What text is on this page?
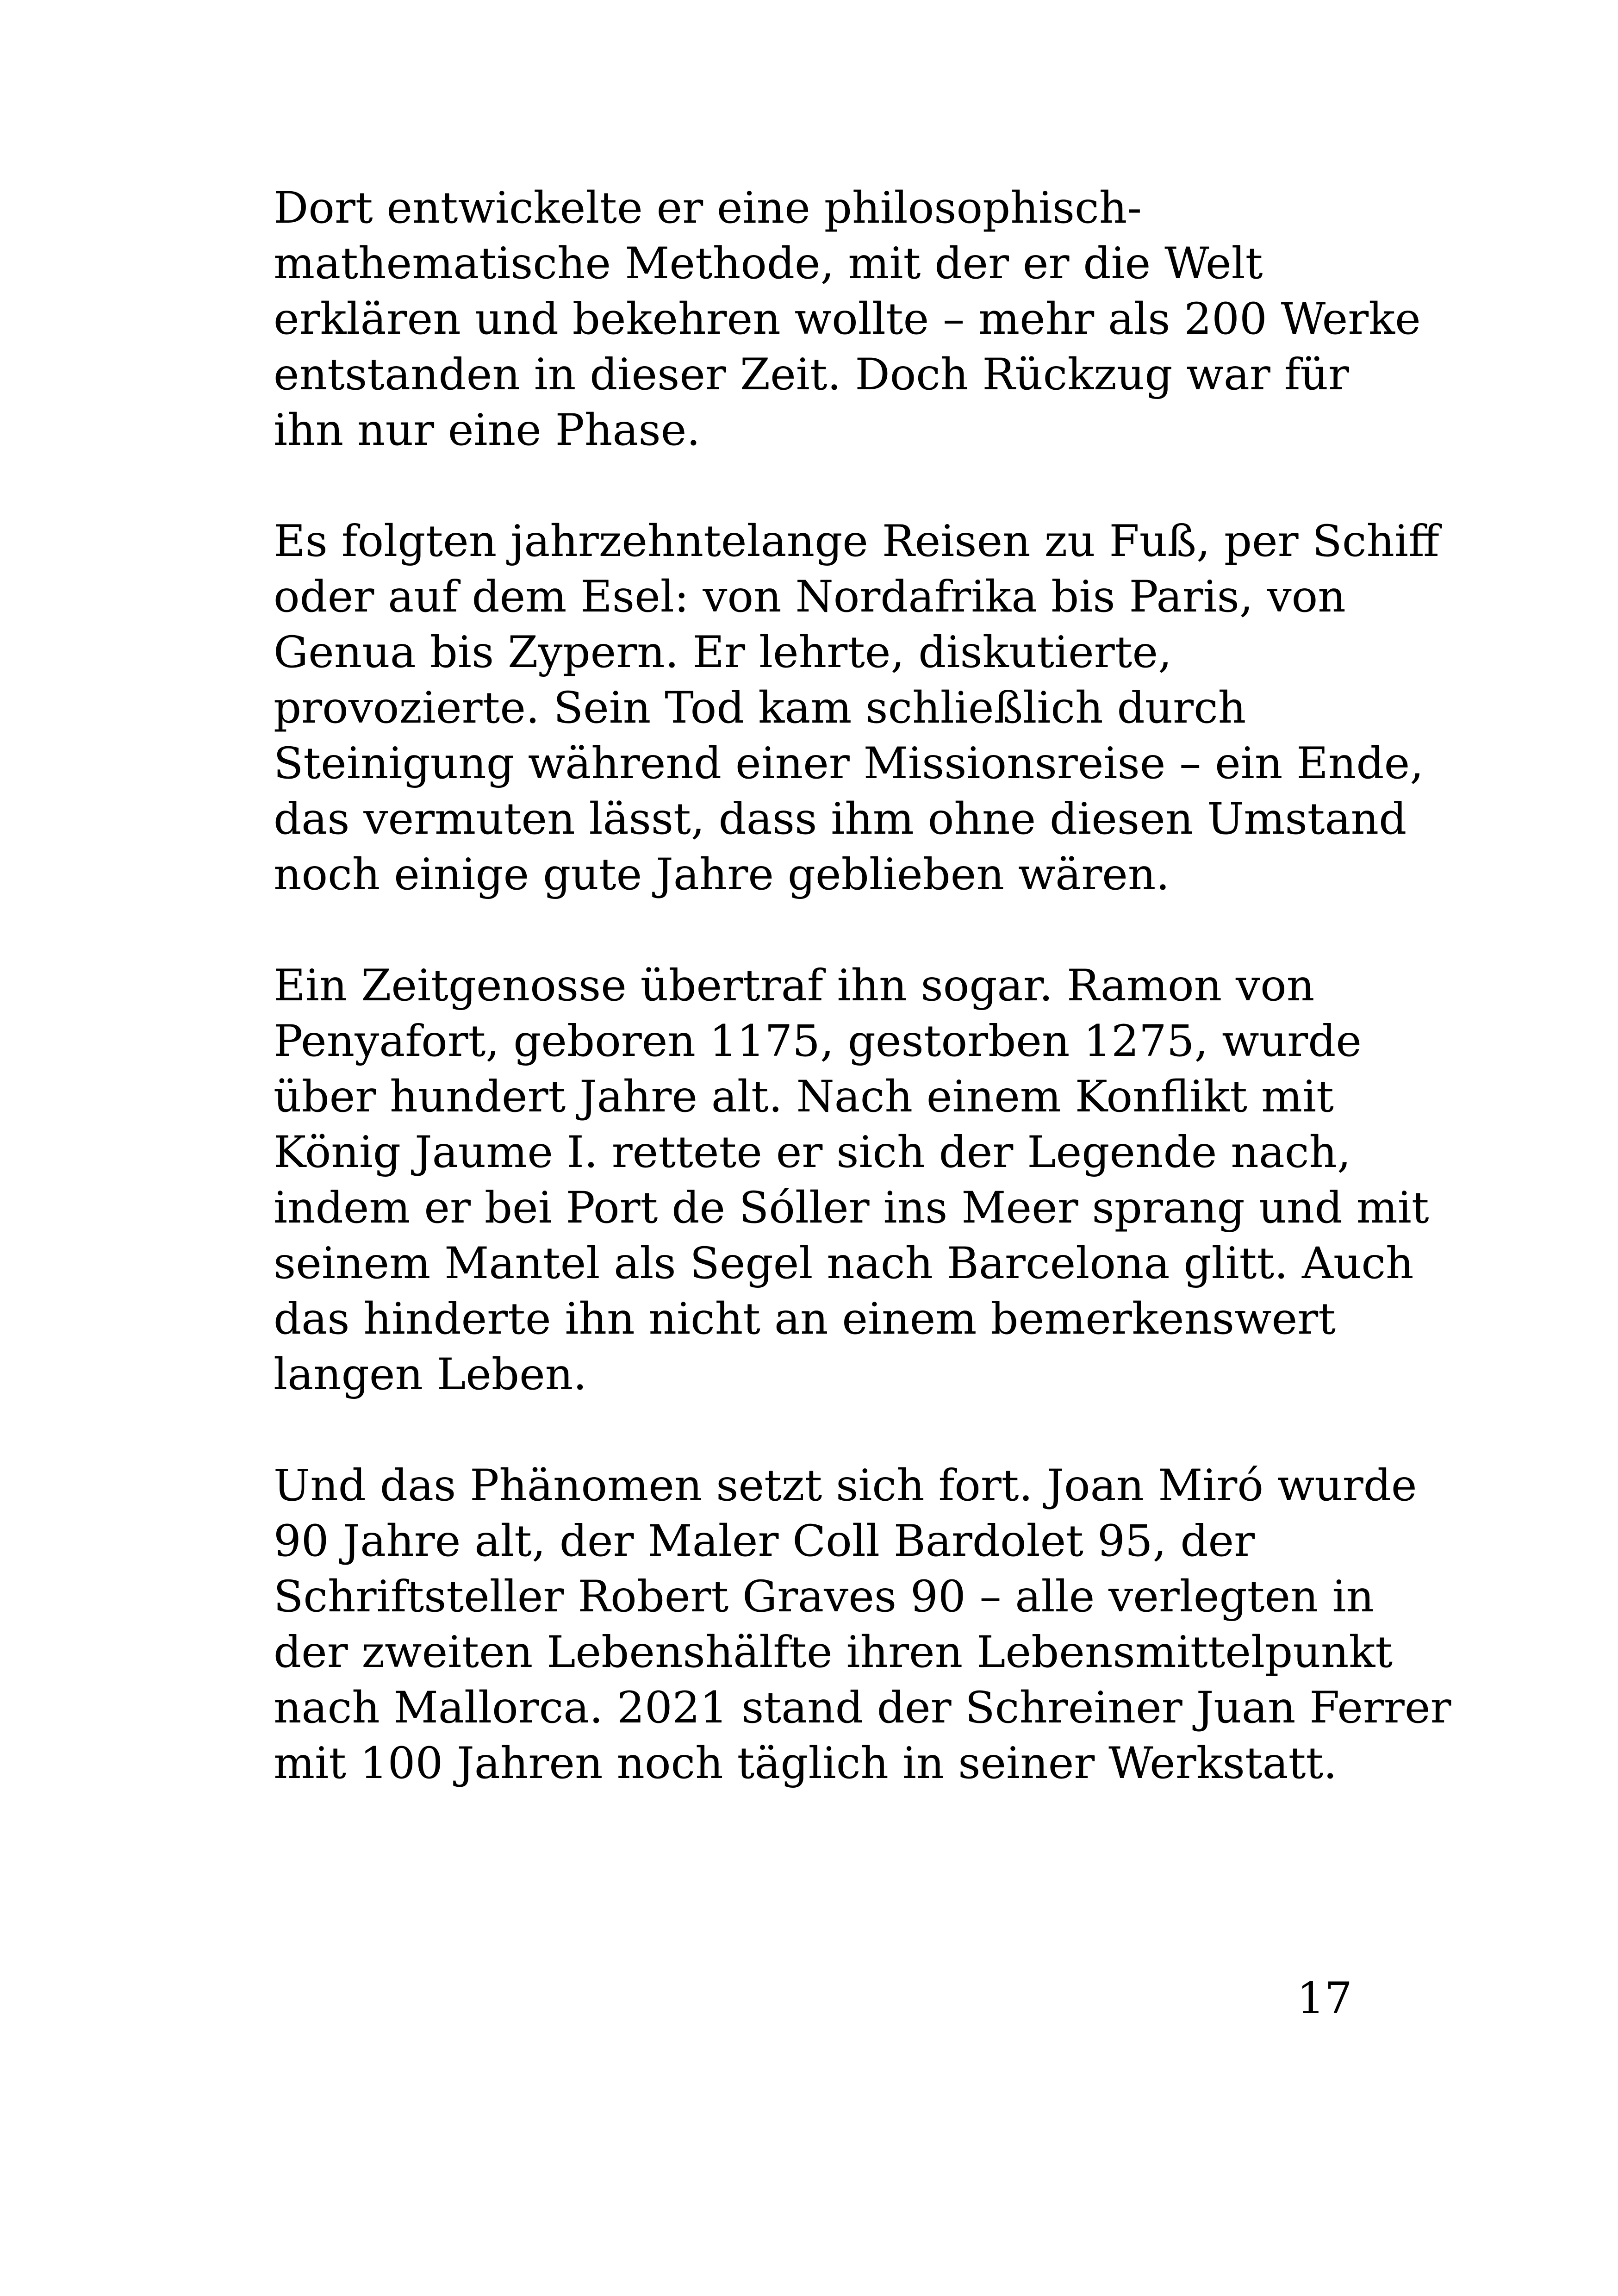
Dort entwickelte er eine philosophisch-
mathematische Methode, mit der er die Welt
erklären und bekehren wollte – mehr als 200 Werke
entstanden in dieser Zeit. Doch Rückzug war für
ihn nur eine Phase.

Es folgten jahrzehntelange Reisen zu Fuß, per Schiff
oder auf dem Esel: von Nordafrika bis Paris, von
Genua bis Zypern. Er lehrte, diskutierte,
provozierte. Sein Tod kam schließlich durch
Steinigung während einer Missionsreise – ein Ende,
das vermuten lässt, dass ihm ohne diesen Umstand
noch einige gute Jahre geblieben wären.

Ein Zeitgenosse übertraf ihn sogar. Ramon von
Penyafort, geboren 1175, gestorben 1275, wurde
über hundert Jahre alt. Nach einem Konflikt mit
König Jaume I. rettete er sich der Legende nach,
indem er bei Port de Sóller ins Meer sprang und mit
seinem Mantel als Segel nach Barcelona glitt. Auch
das hinderte ihn nicht an einem bemerkenswert
langen Leben.

Und das Phänomen setzt sich fort. Joan Miró wurde
90 Jahre alt, der Maler Coll Bardolet 95, der
Schriftsteller Robert Graves 90 – alle verlegten in
der zweiten Lebenshälfte ihren Lebensmittelpunkt
nach Mallorca. 2021 stand der Schreiner Juan Ferrer
mit 100 Jahren noch täglich in seiner Werkstatt.

17
